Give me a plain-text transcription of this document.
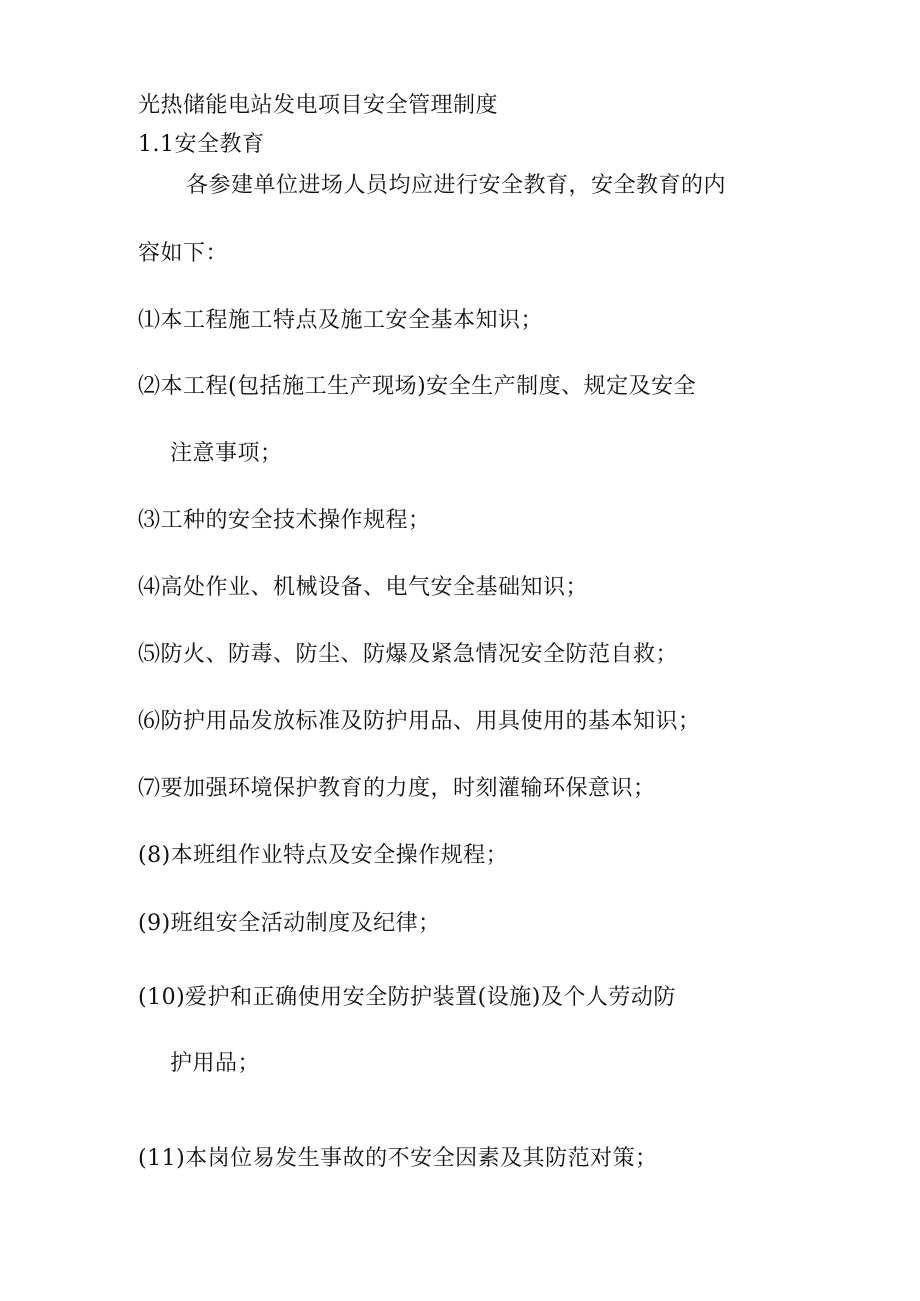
光热储能电站发电项目安全管理制度
1.1安全教育
各参建单位进场人员均应进行安全教育，安全教育的内
容如下：
⑴本工程施工特点及施工安全基本知识；
⑵本工程(包括施工生产现场)安全生产制度、规定及安全
注意事项；
⑶工种的安全技术操作规程；
⑷高处作业、机械设备、电气安全基础知识；
⑸防火、防毒、防尘、防爆及紧急情况安全防范自救；
⑹防护用品发放标准及防护用品、用具使用的基本知识；
⑺要加强环境保护教育的力度，时刻灌输环保意识；
(8)本班组作业特点及安全操作规程；
(9)班组安全活动制度及纪律；
(10)爱护和正确使用安全防护装置(设施)及个人劳动防
护用品；
(11)本岗位易发生事故的不安全因素及其防范对策；
